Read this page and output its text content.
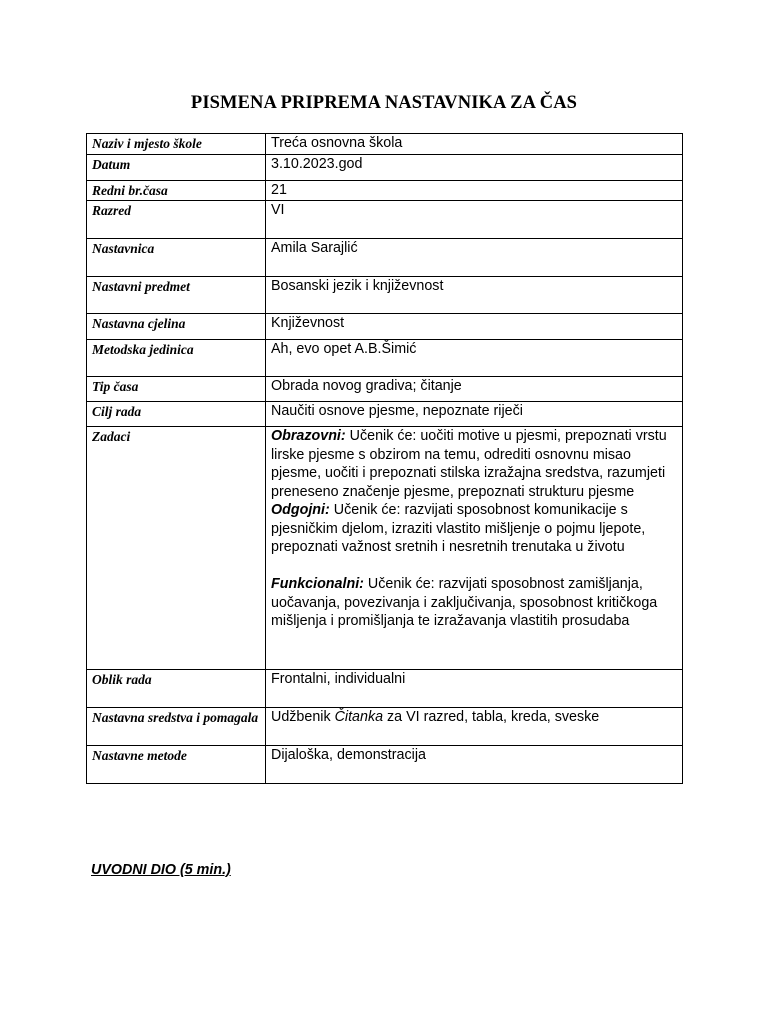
PISMENA PRIPREMA NASTAVNIKA ZA ČAS
Naziv i mjesto škole	Treća osnovna škola
Datum	3.10.2023.god
Redni br.časa	21
Razred	VI
Nastavnica	Amila Sarajlić
Nastavni predmet	Bosanski jezik i književnost
Nastavna cjelina	Književnost
Metodska jedinica	Ah, evo opet A.B.Šimić
Tip časa	Obrada novog gradiva; čitanje
Cilj rada	Naučiti osnove pjesme, nepoznate riječi
Zadaci	Obrazovni: Učenik će: uočiti motive u pjesmi, prepoznati vrstu lirske pjesme s obzirom na temu, odrediti osnovnu misao pjesme, uočiti i prepoznati stilska izražajna sredstva, razumjeti preneseno značenje pjesme, prepoznati strukturu pjesme
Odgojni: Učenik će: razvijati sposobnost komunikacije s pjesničkim djelom, izraziti vlastito mišljenje o pojmu ljepote, prepoznati važnost sretnih i nesretnih trenutaka u životu
Funkcionalni: Učenik će: razvijati sposobnost zamišljanja, uočavanja, povezivanja i zaključivanja, sposobnost kritičkoga mišljenja i promišljanja te izražavanja vlastitih prosudaba

Oblik rada	Frontalni, individualni
Nastavna sredstva i pomagala	Udžbenik Čitanka za VI razred, tabla, kreda, sveske
Nastavne metode	Dijaloška, demonstracija

UVODNI DIO (5 min.)
